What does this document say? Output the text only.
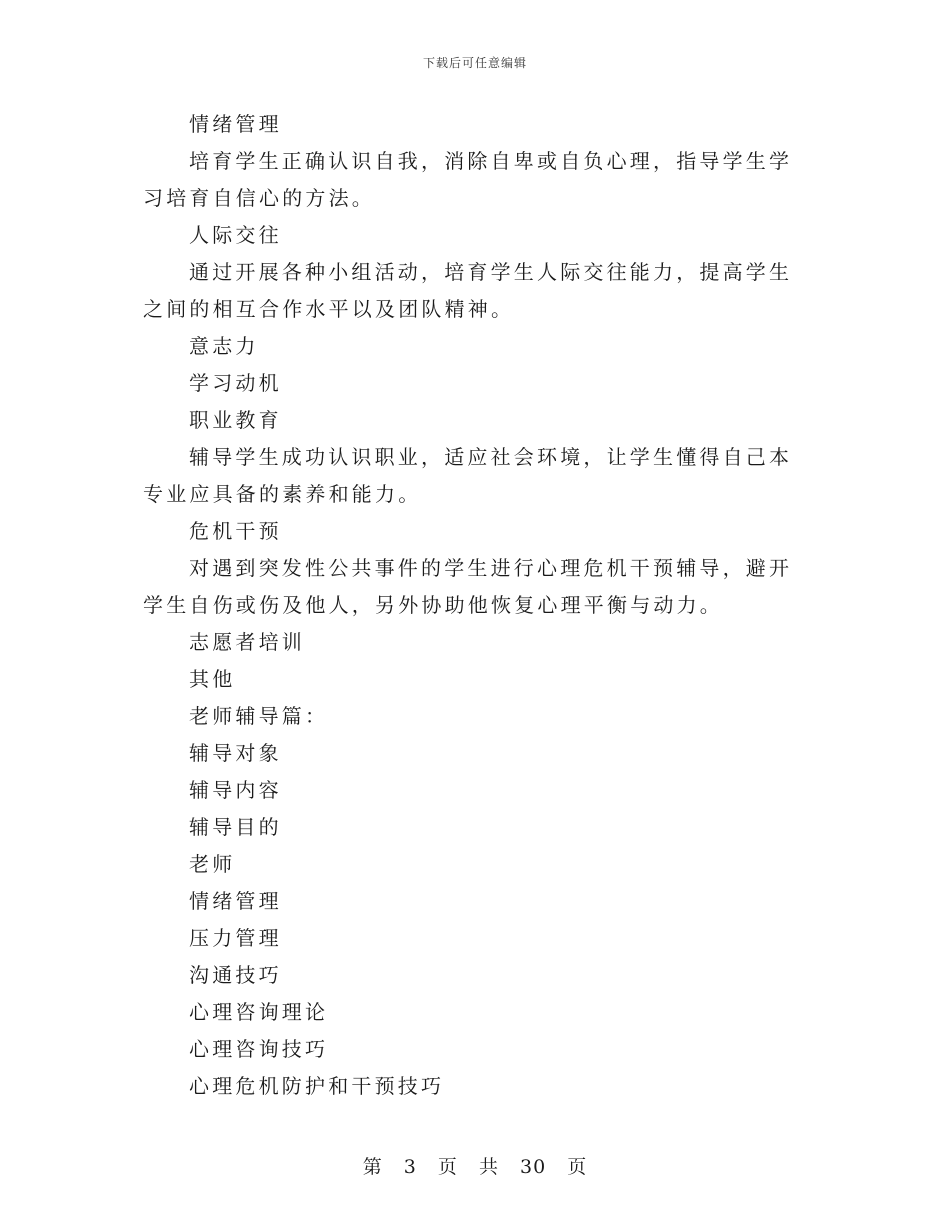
下载后可任意编辑

情绪管理

培育学生正确认识自我，消除自卑或自负心理，指导学生学习培育自信心的方法。

人际交往

通过开展各种小组活动，培育学生人际交往能力，提高学生之间的相互合作水平以及团队精神。

意志力

学习动机

职业教育

辅导学生成功认识职业，适应社会环境，让学生懂得自己本专业应具备的素养和能力。

危机干预

对遇到突发性公共事件的学生进行心理危机干预辅导，避开学生自伤或伤及他人，另外协助他恢复心理平衡与动力。

志愿者培训

其他

老师辅导篇：

辅导对象

辅导内容

辅导目的

老师

情绪管理

压力管理

沟通技巧

心理咨询理论

心理咨询技巧

心理危机防护和干预技巧

第 3 页 共 30 页
